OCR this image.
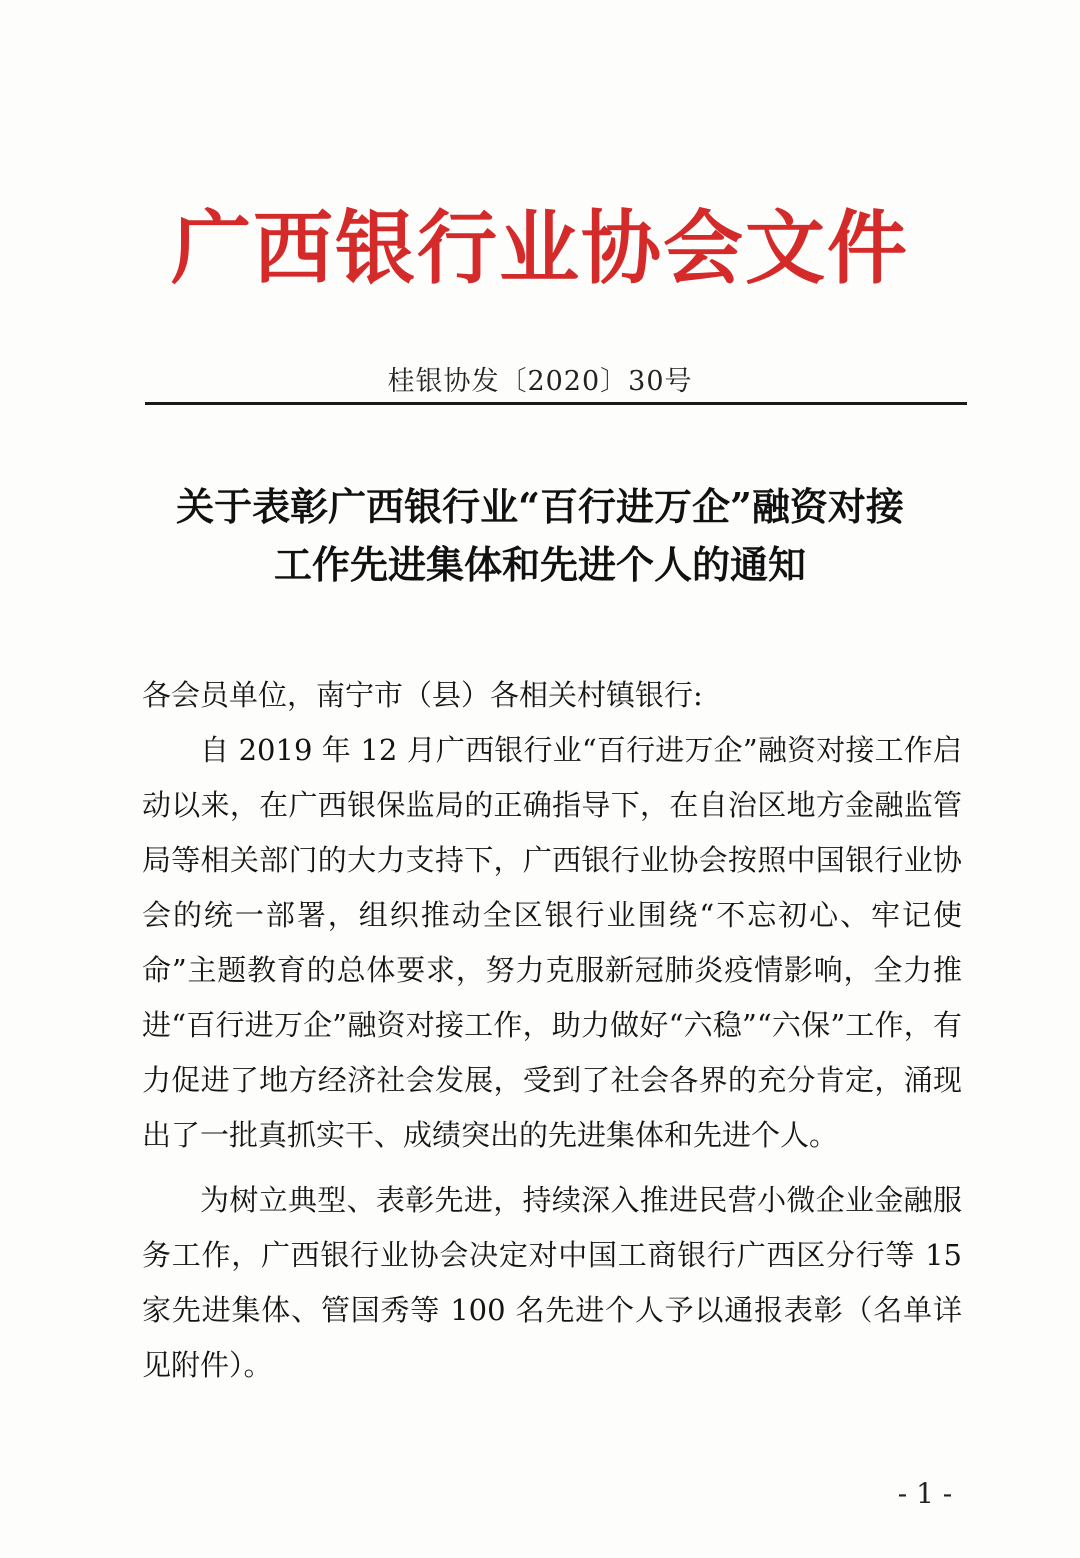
广西银行业协会文件
桂银协发〔2020〕30号
关于表彰广西银行业“百行进万企”融资对接
工作先进集体和先进个人的通知

各会员单位，南宁市（县）各相关村镇银行:

自 2019 年 12 月广西银行业“百行进万企”融资对接工作启动以来，在广西银保监局的正确指导下，在自治区地方金融监管局等相关部门的大力支持下，广西银行业协会按照中国银行业协会的统一部署，组织推动全区银行业围绕“不忘初心、牢记使命”主题教育的总体要求，努力克服新冠肺炎疫情影响，全力推进“百行进万企”融资对接工作，助力做好“六稳”“六保”工作，有力促进了地方经济社会发展，受到了社会各界的充分肯定，涌现出了一批真抓实干、成绩突出的先进集体和先进个人。

为树立典型、表彰先进，持续深入推进民营小微企业金融服务工作，广西银行业协会决定对中国工商银行广西区分行等 15 家先进集体、管国秀等 100 名先进个人予以通报表彰（名单详见附件）。

- 1 -
